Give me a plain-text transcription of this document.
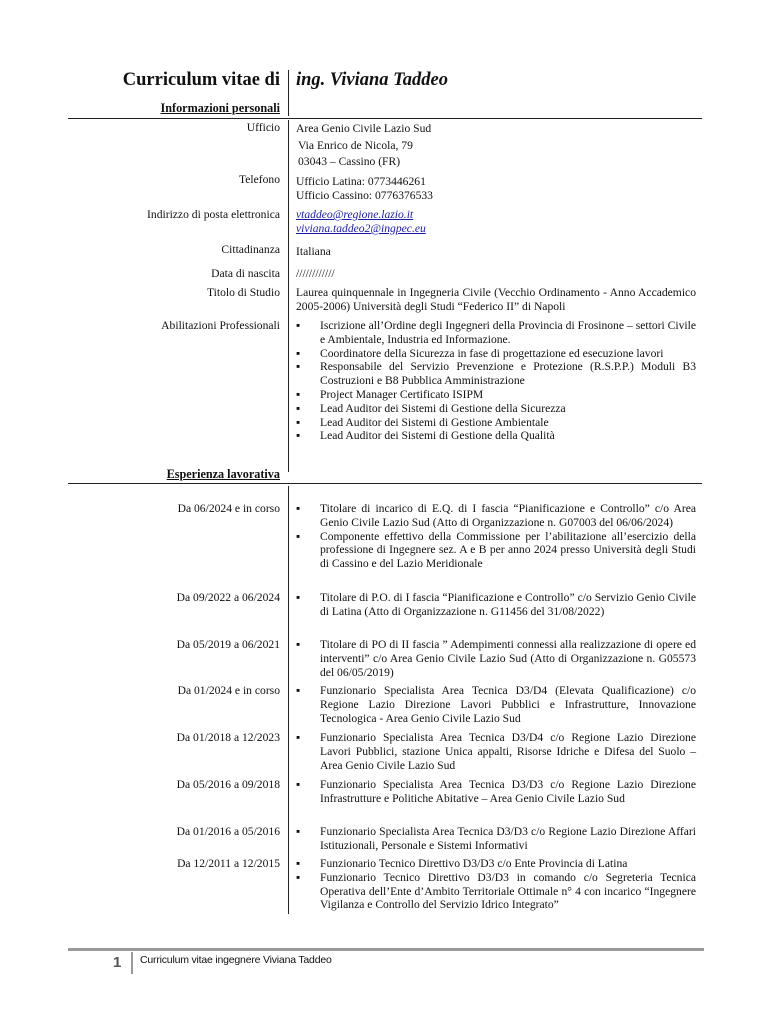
Curriculum vitae di ing. Viviana Taddeo
Informazioni personali
Ufficio Area Genio Civile Lazio Sud
Via Enrico de Nicola, 79
03043 – Cassino (FR)
Telefono Ufficio Latina: 0773446261
Ufficio Cassino: 0776376533
Indirizzo di posta elettronica vtaddeo@regione.lazio.it
viviana.taddeo2@ingpec.eu
Cittadinanza Italiana
Data di nascita ////////////
Titolo di Studio Laurea quinquennale in Ingegneria Civile (Vecchio Ordinamento - Anno Accademico 2005-2006) Università degli Studi “Federico II” di Napoli
Abilitazioni Professionali ▪ Iscrizione all’Ordine degli Ingegneri della Provincia di Frosinone – settori Civile e Ambientale, Industria ed Informazione.
▪ Coordinatore della Sicurezza in fase di progettazione ed esecuzione lavori
▪ Responsabile del Servizio Prevenzione e Protezione (R.S.P.P.) Moduli B3 Costruzioni e B8 Pubblica Amministrazione
▪ Project Manager Certificato ISIPM
▪ Lead Auditor dei Sistemi di Gestione della Sicurezza
▪ Lead Auditor dei Sistemi di Gestione Ambientale
▪ Lead Auditor dei Sistemi di Gestione della Qualità
Esperienza lavorativa
Da 06/2024 e in corso
Da 09/2022 a 06/2024
Da 05/2019 a 06/2021
Da 01/2024 e in corso
Da 01/2018 a 12/2023
Da 05/2016 a 09/2018
Da 01/2016 a 05/2016
Da 12/2011 a 12/2015
▪ Titolare di incarico di E.Q. di I fascia “Pianificazione e Controllo” c/o Area Genio Civile Lazio Sud (Atto di Organizzazione n. G07003 del 06/06/2024)
▪ Componente effettivo della Commissione per l’abilitazione all’esercizio della professione di Ingegnere sez. A e B per anno 2024 presso Università degli Studi di Cassino e del Lazio Meridionale
▪ Titolare di P.O. di I fascia “Pianificazione e Controllo” c/o Servizio Genio Civile di Latina (Atto di Organizzazione n. G11456 del 31/08/2022)
▪ Titolare di PO di II fascia ” Adempimenti connessi alla realizzazione di opere ed interventi” c/o Area Genio Civile Lazio Sud (Atto di Organizzazione n. G05573 del 06/05/2019)
▪ Funzionario Specialista Area Tecnica D3/D4 (Elevata Qualificazione) c/o Regione Lazio Direzione Lavori Pubblici e Infrastrutture, Innovazione Tecnologica - Area Genio Civile Lazio Sud
▪ Funzionario Specialista Area Tecnica D3/D4 c/o Regione Lazio Direzione Lavori Pubblici, stazione Unica appalti, Risorse Idriche e Difesa del Suolo – Area Genio Civile Lazio Sud
▪ Funzionario Specialista Area Tecnica D3/D3 c/o Regione Lazio Direzione Infrastrutture e Politiche Abitative – Area Genio Civile Lazio Sud
▪ Funzionario Specialista Area Tecnica D3/D3 c/o Regione Lazio Direzione Affari Istituzionali, Personale e Sistemi Informativi
▪ Funzionario Tecnico Direttivo D3/D3 c/o Ente Provincia di Latina
▪ Funzionario Tecnico Direttivo D3/D3 in comando c/o Segreteria Tecnica Operativa dell’Ente d’Ambito Territoriale Ottimale n° 4 con incarico “Ingegnere Vigilanza e Controllo del Servizio Idrico Integrato”
1 Curriculum vitae ingegnere Viviana Taddeo
